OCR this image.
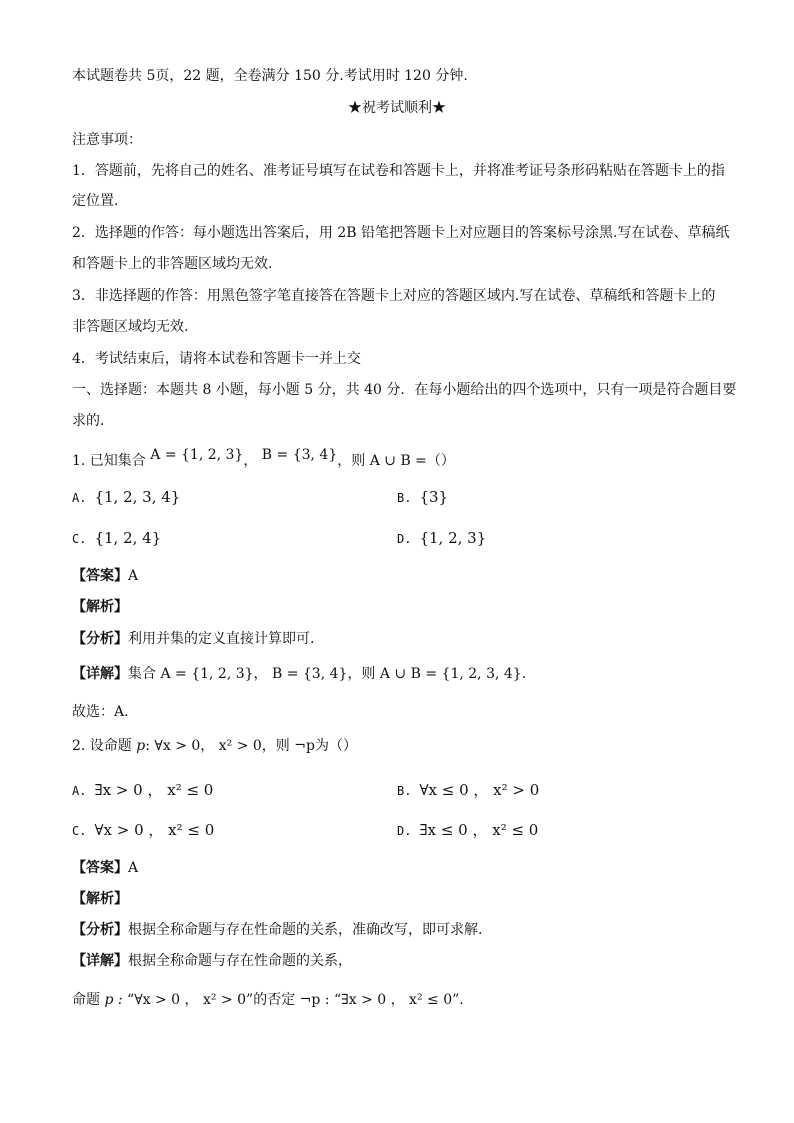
本试题卷共 5页，22 题，全卷满分 150 分.考试用时 120 分钟.
★祝考试顺利★
注意事项：
1．答题前，先将自己的姓名、准考证号填写在试卷和答题卡上，并将准考证号条形码粘贴在答题卡上的指
定位置.
2．选择题的作答：每小题选出答案后，用 2B 铅笔把答题卡上对应题目的答案标号涂黑.写在试卷、草稿纸
和答题卡上的非答题区域均无效.
3．非选择题的作答：用黑色签字笔直接答在答题卡上对应的答题区域内.写在试卷、草稿纸和答题卡上的
非答题区域均无效.
4．考试结束后，请将本试卷和答题卡一并上交
一、选择题：本题共 8 小题，每小题 5 分，共 40 分．在每小题给出的四个选项中，只有一项是符合题目要
求的．
1. 已知集合 A = {1, 2, 3}， B = {3, 4}，则 A ∪ B =（）
A. {1, 2, 3, 4}	B. {3}
C. {1, 2, 4}	D. {1, 2, 3}
【答案】A
【解析】
【分析】利用并集的定义直接计算即可.
【详解】集合 A = {1, 2, 3}， B = {3, 4}，则 A ∪ B = {1, 2, 3, 4}.
故选：A.
2. 设命题 p: ∀x > 0， x² > 0，则 ¬p为（）
A. ∃x > 0 ， x² ≤ 0	B. ∀x ≤ 0 ， x² > 0
C. ∀x > 0 ， x² ≤ 0	D. ∃x ≤ 0 ， x² ≤ 0
【答案】A
【解析】
【分析】根据全称命题与存在性命题的关系，准确改写，即可求解.
【详解】根据全称命题与存在性命题的关系，
命题 p : “∀x > 0 ， x² > 0”的否定 ¬p : “∃x > 0 ， x² ≤ 0”.
